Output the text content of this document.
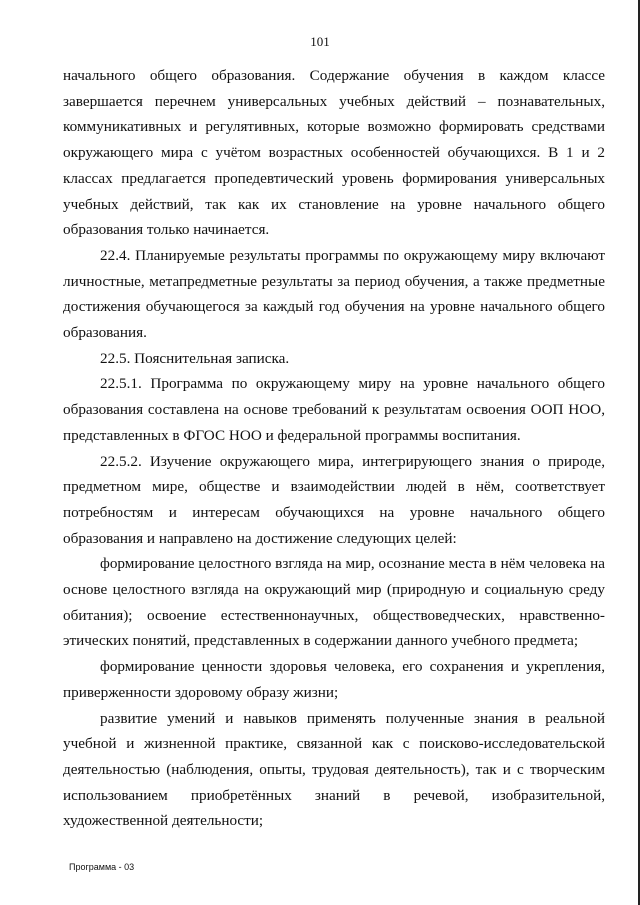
101

начального общего образования. Содержание обучения в каждом классе завершается перечнем универсальных учебных действий – познавательных, коммуникативных и регулятивных, которые возможно формировать средствами окружающего мира с учётом возрастных особенностей обучающихся. В 1 и 2 классах предлагается пропедевтический уровень формирования универсальных учебных действий, так как их становление на уровне начального общего образования только начинается.

22.4. Планируемые результаты программы по окружающему миру включают личностные, метапредметные результаты за период обучения, а также предметные достижения обучающегося за каждый год обучения на уровне начального общего образования.

22.5. Пояснительная записка.

22.5.1. Программа по окружающему миру на уровне начального общего образования составлена на основе требований к результатам освоения ООП НОО, представленных в ФГОС НОО и федеральной программы воспитания.

22.5.2. Изучение окружающего мира, интегрирующего знания о природе, предметном мире, обществе и взаимодействии людей в нём, соответствует потребностям и интересам обучающихся на уровне начального общего образования и направлено на достижение следующих целей:

формирование целостного взгляда на мир, осознание места в нём человека на основе целостного взгляда на окружающий мир (природную и социальную среду обитания); освоение естественнонаучных, обществоведческих, нравственно-этических понятий, представленных в содержании данного учебного предмета;

формирование ценности здоровья человека, его сохранения и укрепления, приверженности здоровому образу жизни;

развитие умений и навыков применять полученные знания в реальной учебной и жизненной практике, связанной как с поисково-исследовательской деятельностью (наблюдения, опыты, трудовая деятельность), так и с творческим использованием приобретённых знаний в речевой, изобразительной, художественной деятельности;

Программа - 03
